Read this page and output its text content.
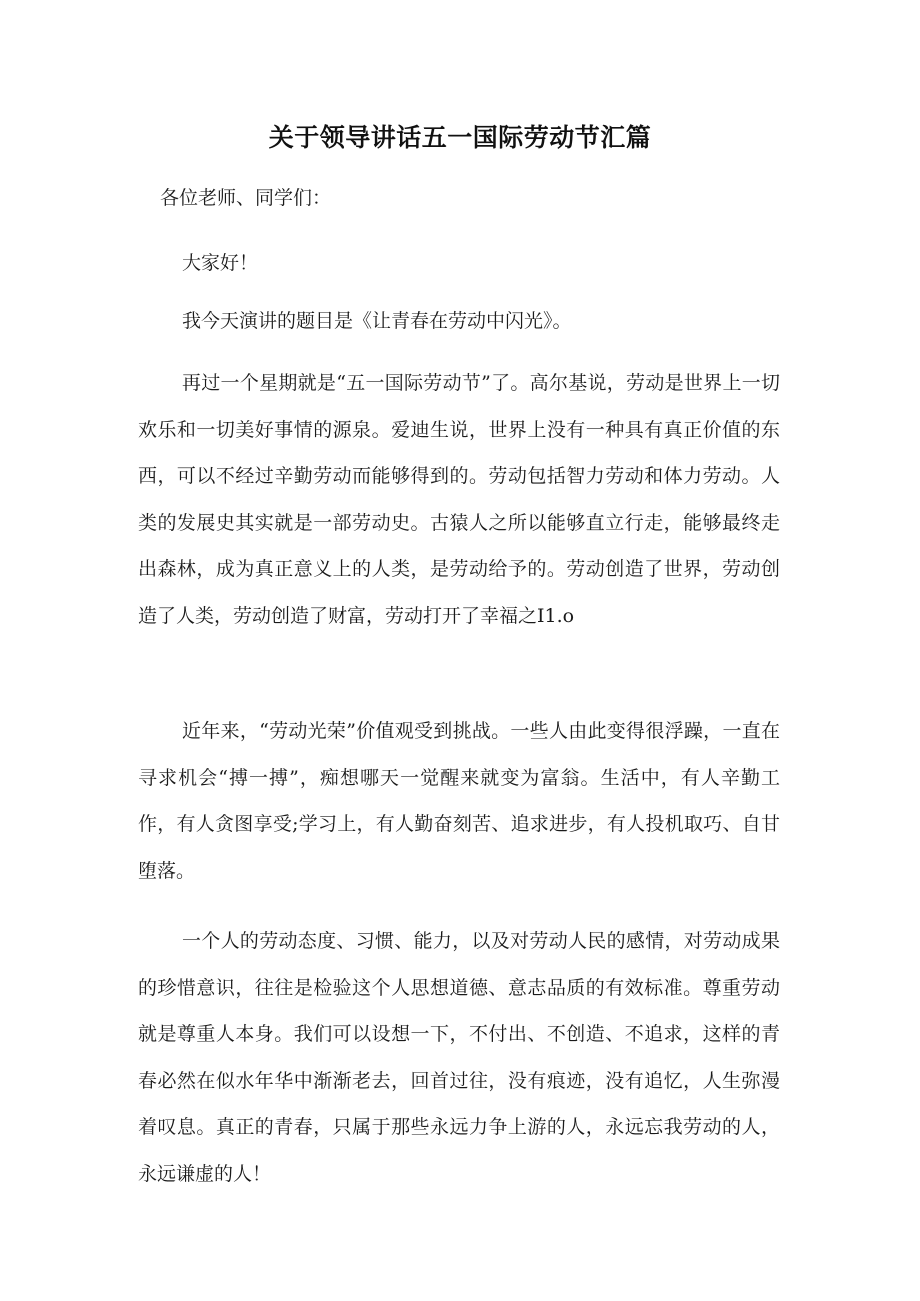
关于领导讲话五一国际劳动节汇篇

各位老师、同学们：

大家好！

我今天演讲的题目是《让青春在劳动中闪光》。

再过一个星期就是“五一国际劳动节”了。高尔基说，劳动是世界上一切欢乐和一切美好事情的源泉。爱迪生说，世界上没有一种具有真正价值的东西，可以不经过辛勤劳动而能够得到的。劳动包括智力劳动和体力劳动。人类的发展史其实就是一部劳动史。古猿人之所以能够直立行走，能够最终走出森林，成为真正意义上的人类，是劳动给予的。劳动创造了世界，劳动创造了人类，劳动创造了财富，劳动打开了幸福之I1.o

近年来，“劳动光荣”价值观受到挑战。一些人由此变得很浮躁，一直在寻求机会“搏一搏”，痴想哪天一觉醒来就变为富翁。生活中，有人辛勤工作，有人贪图享受;学习上，有人勤奋刻苦、追求进步，有人投机取巧、自甘堕落。

一个人的劳动态度、习惯、能力，以及对劳动人民的感情，对劳动成果的珍惜意识，往往是检验这个人思想道德、意志品质的有效标准。尊重劳动就是尊重人本身。我们可以设想一下，不付出、不创造、不追求，这样的青春必然在似水年华中渐渐老去，回首过往，没有痕迹，没有追忆，人生弥漫着叹息。真正的青春，只属于那些永远力争上游的人，永远忘我劳动的人，永远谦虚的人！
